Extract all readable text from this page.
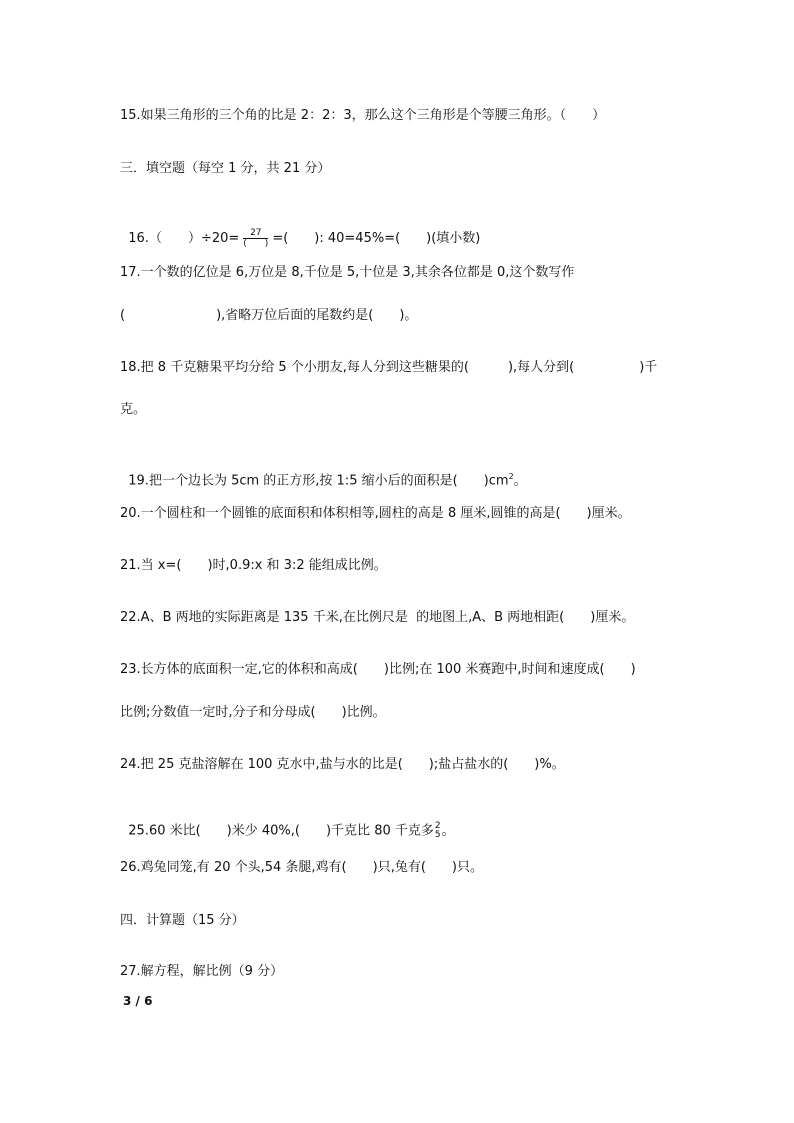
15.如果三角形的三个角的比是 2：2：3，那么这个三角形是个等腰三角形。（　　）
三．填空题（每空 1 分，共 21 分）

16.（　　）$\div 20= \frac{27}{( )}$ =(　　): 40=45%=(　　)(填小数)

17.一个数的亿位是 6,万位是 8,千位是 5,十位是 3,其余各位都是 0,这个数写作
(　　　　　　　),省略万位后面的尾数约是(　　)。
18.把 8 千克糖果平均分给 5 个小朋友,每人分到这些糖果的(　　　),每人分到(　　　　　)千
克。

19.把一个边长为 5cm 的正方形,按 1:5 缩小后的面积是(　　)$cm^2$。

20.一个圆柱和一个圆锥的底面积和体积相等,圆柱的高是 8 厘米,圆锥的高是(　　)厘米。
21.当 x=(　　)时,0.9:x 和 3:2 能组成比例。
22.A、B 两地的实际距离是 135 千米,在比例尺是  的地图上,A、B 两地相距(　　)厘米。
23.长方体的底面积一定,它的体积和高成(　　)比例;在 100 米赛跑中,时间和速度成(　　)
比例;分数值一定时,分子和分母成(　　)比例。
24.把 25 克盐溶解在 100 克水中,盐与水的比是(　　);盐占盐水的(　　)%。

25.60 米比(　　)米少 40%,(　　)千克比 80 千克多 2
5 。

26.鸡兔同笼,有 20 个头,54 条腿,鸡有(　　)只,兔有(　　)只。
四．计算题（15 分）
27.解方程，解比例（9 分）
3 / 6
